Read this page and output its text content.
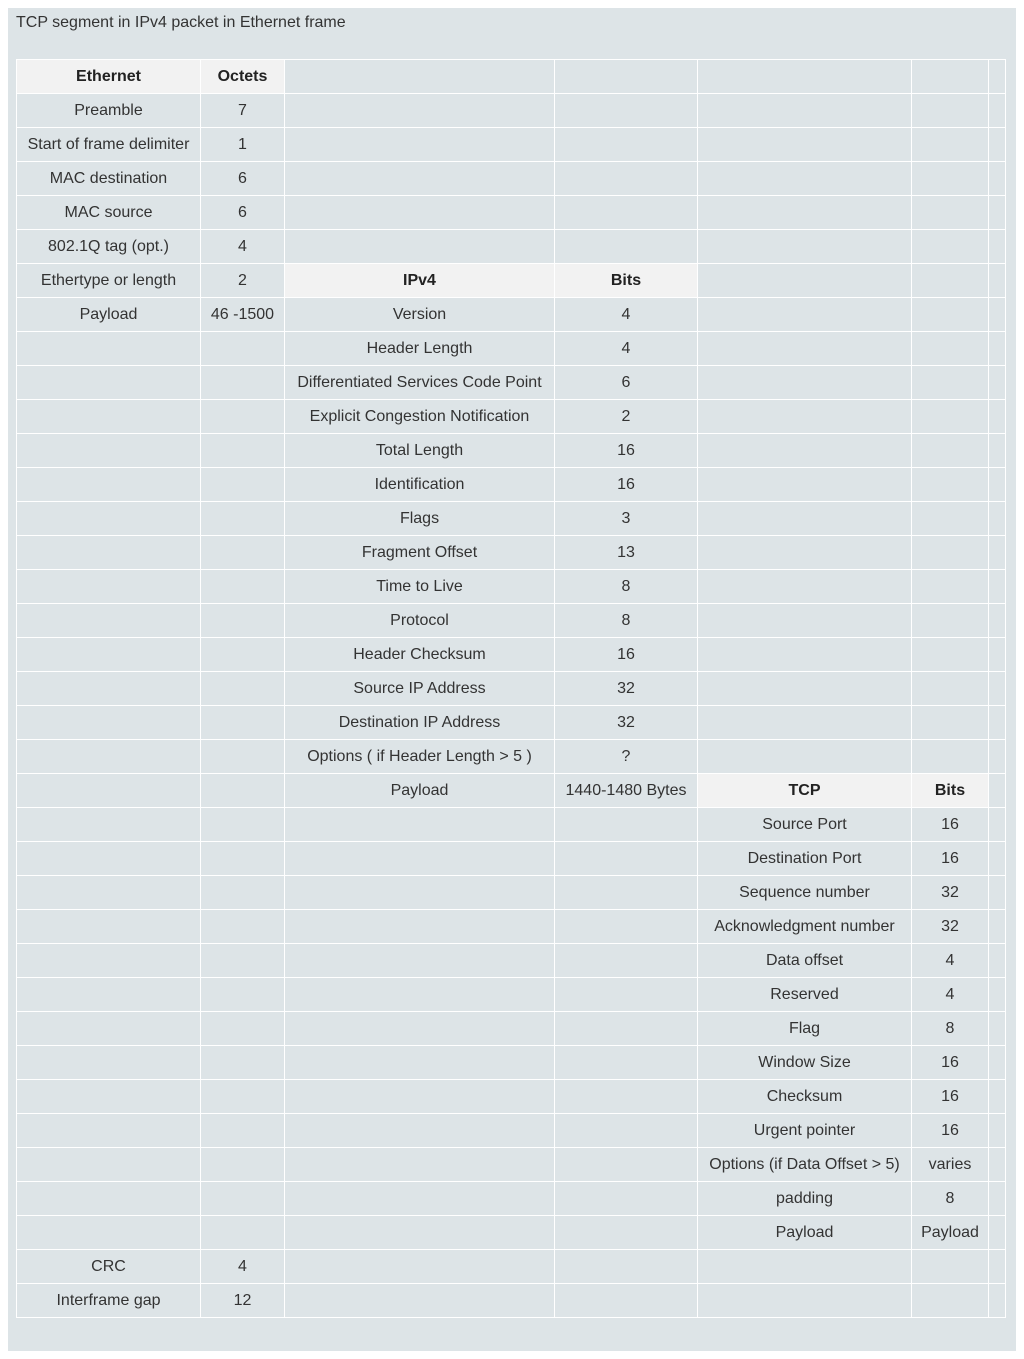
TCP segment in IPv4 packet in Ethernet frame
Ethernet	Octets					
Preamble	7					
Start of frame delimiter	1					
MAC destination	6					
MAC source	6					
802.1Q tag (opt.)	4					
Ethertype or length	2	IPv4	Bits			
Payload	46 -1500	Version	4			
		Header Length	4			
		Differentiated Services Code Point	6			
		Explicit Congestion Notification	2			
		Total Length	16			
		Identification	16			
		Flags	3			
		Fragment Offset	13			
		Time to Live	8			
		Protocol	8			
		Header Checksum	16			
		Source IP Address	32			
		Destination IP Address	32			
		Options ( if Header Length > 5 )	?			
		Payload	1440-1480 Bytes	TCP	Bits	
				Source Port	16	
				Destination Port	16	
				Sequence number	32	
				Acknowledgment number	32	
				Data offset	4	
				Reserved	4	
				Flag	8	
				Window Size	16	
				Checksum	16	
				Urgent pointer	16	
				Options (if Data Offset > 5)	varies	
				padding	8	
				Payload	Payload	
CRC	4					
Interframe gap	12					
